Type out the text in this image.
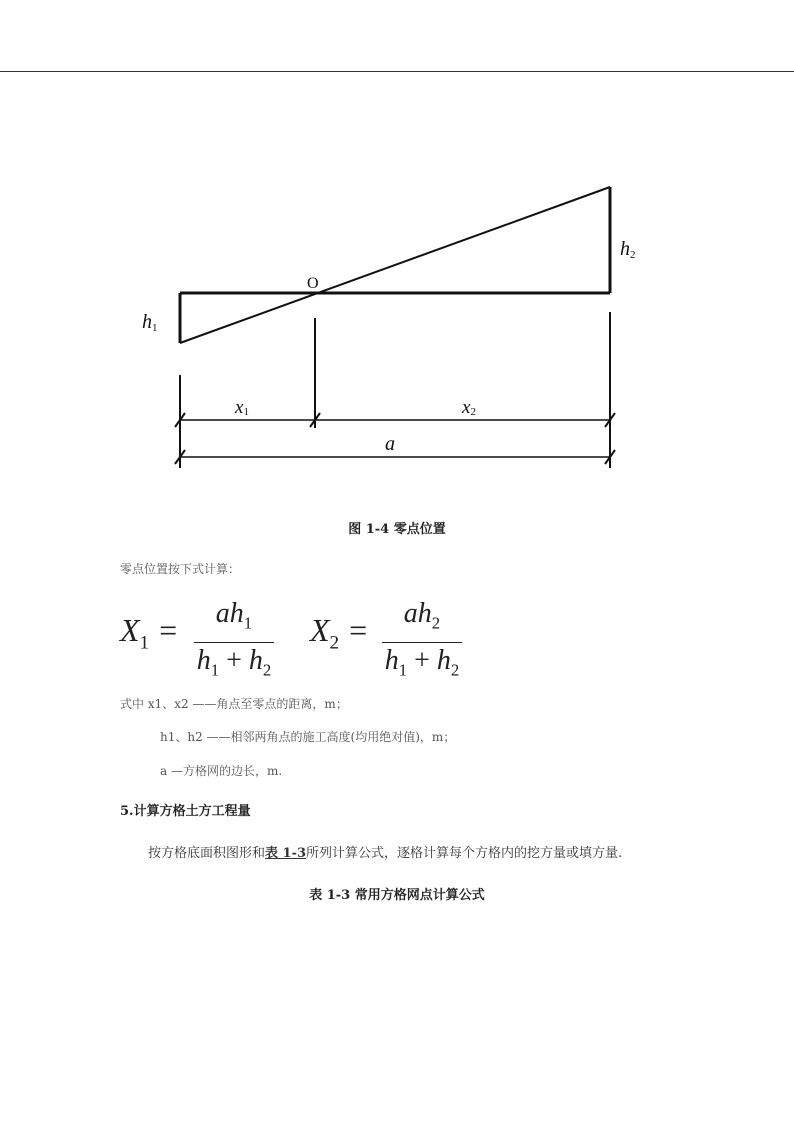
h1
h2
O
x1	x2
a
图 1-4 零点位置
零点位置按下式计算：
$X_1 = ah_1$
$h_1 + h_2$
$X_2 = ah_2$
$h_1 + h_2$
式中 x1、x2 ——角点至零点的距离，m；
h1、h2 ——相邻两角点的施工高度(均用绝对值)，m；
a —方格网的边长，m.
5.计算方格土方工程量
按方格底面积图形和表 1-3所列计算公式，逐格计算每个方格内的挖方量或填方量.
表 1-3 常用方格网点计算公式
